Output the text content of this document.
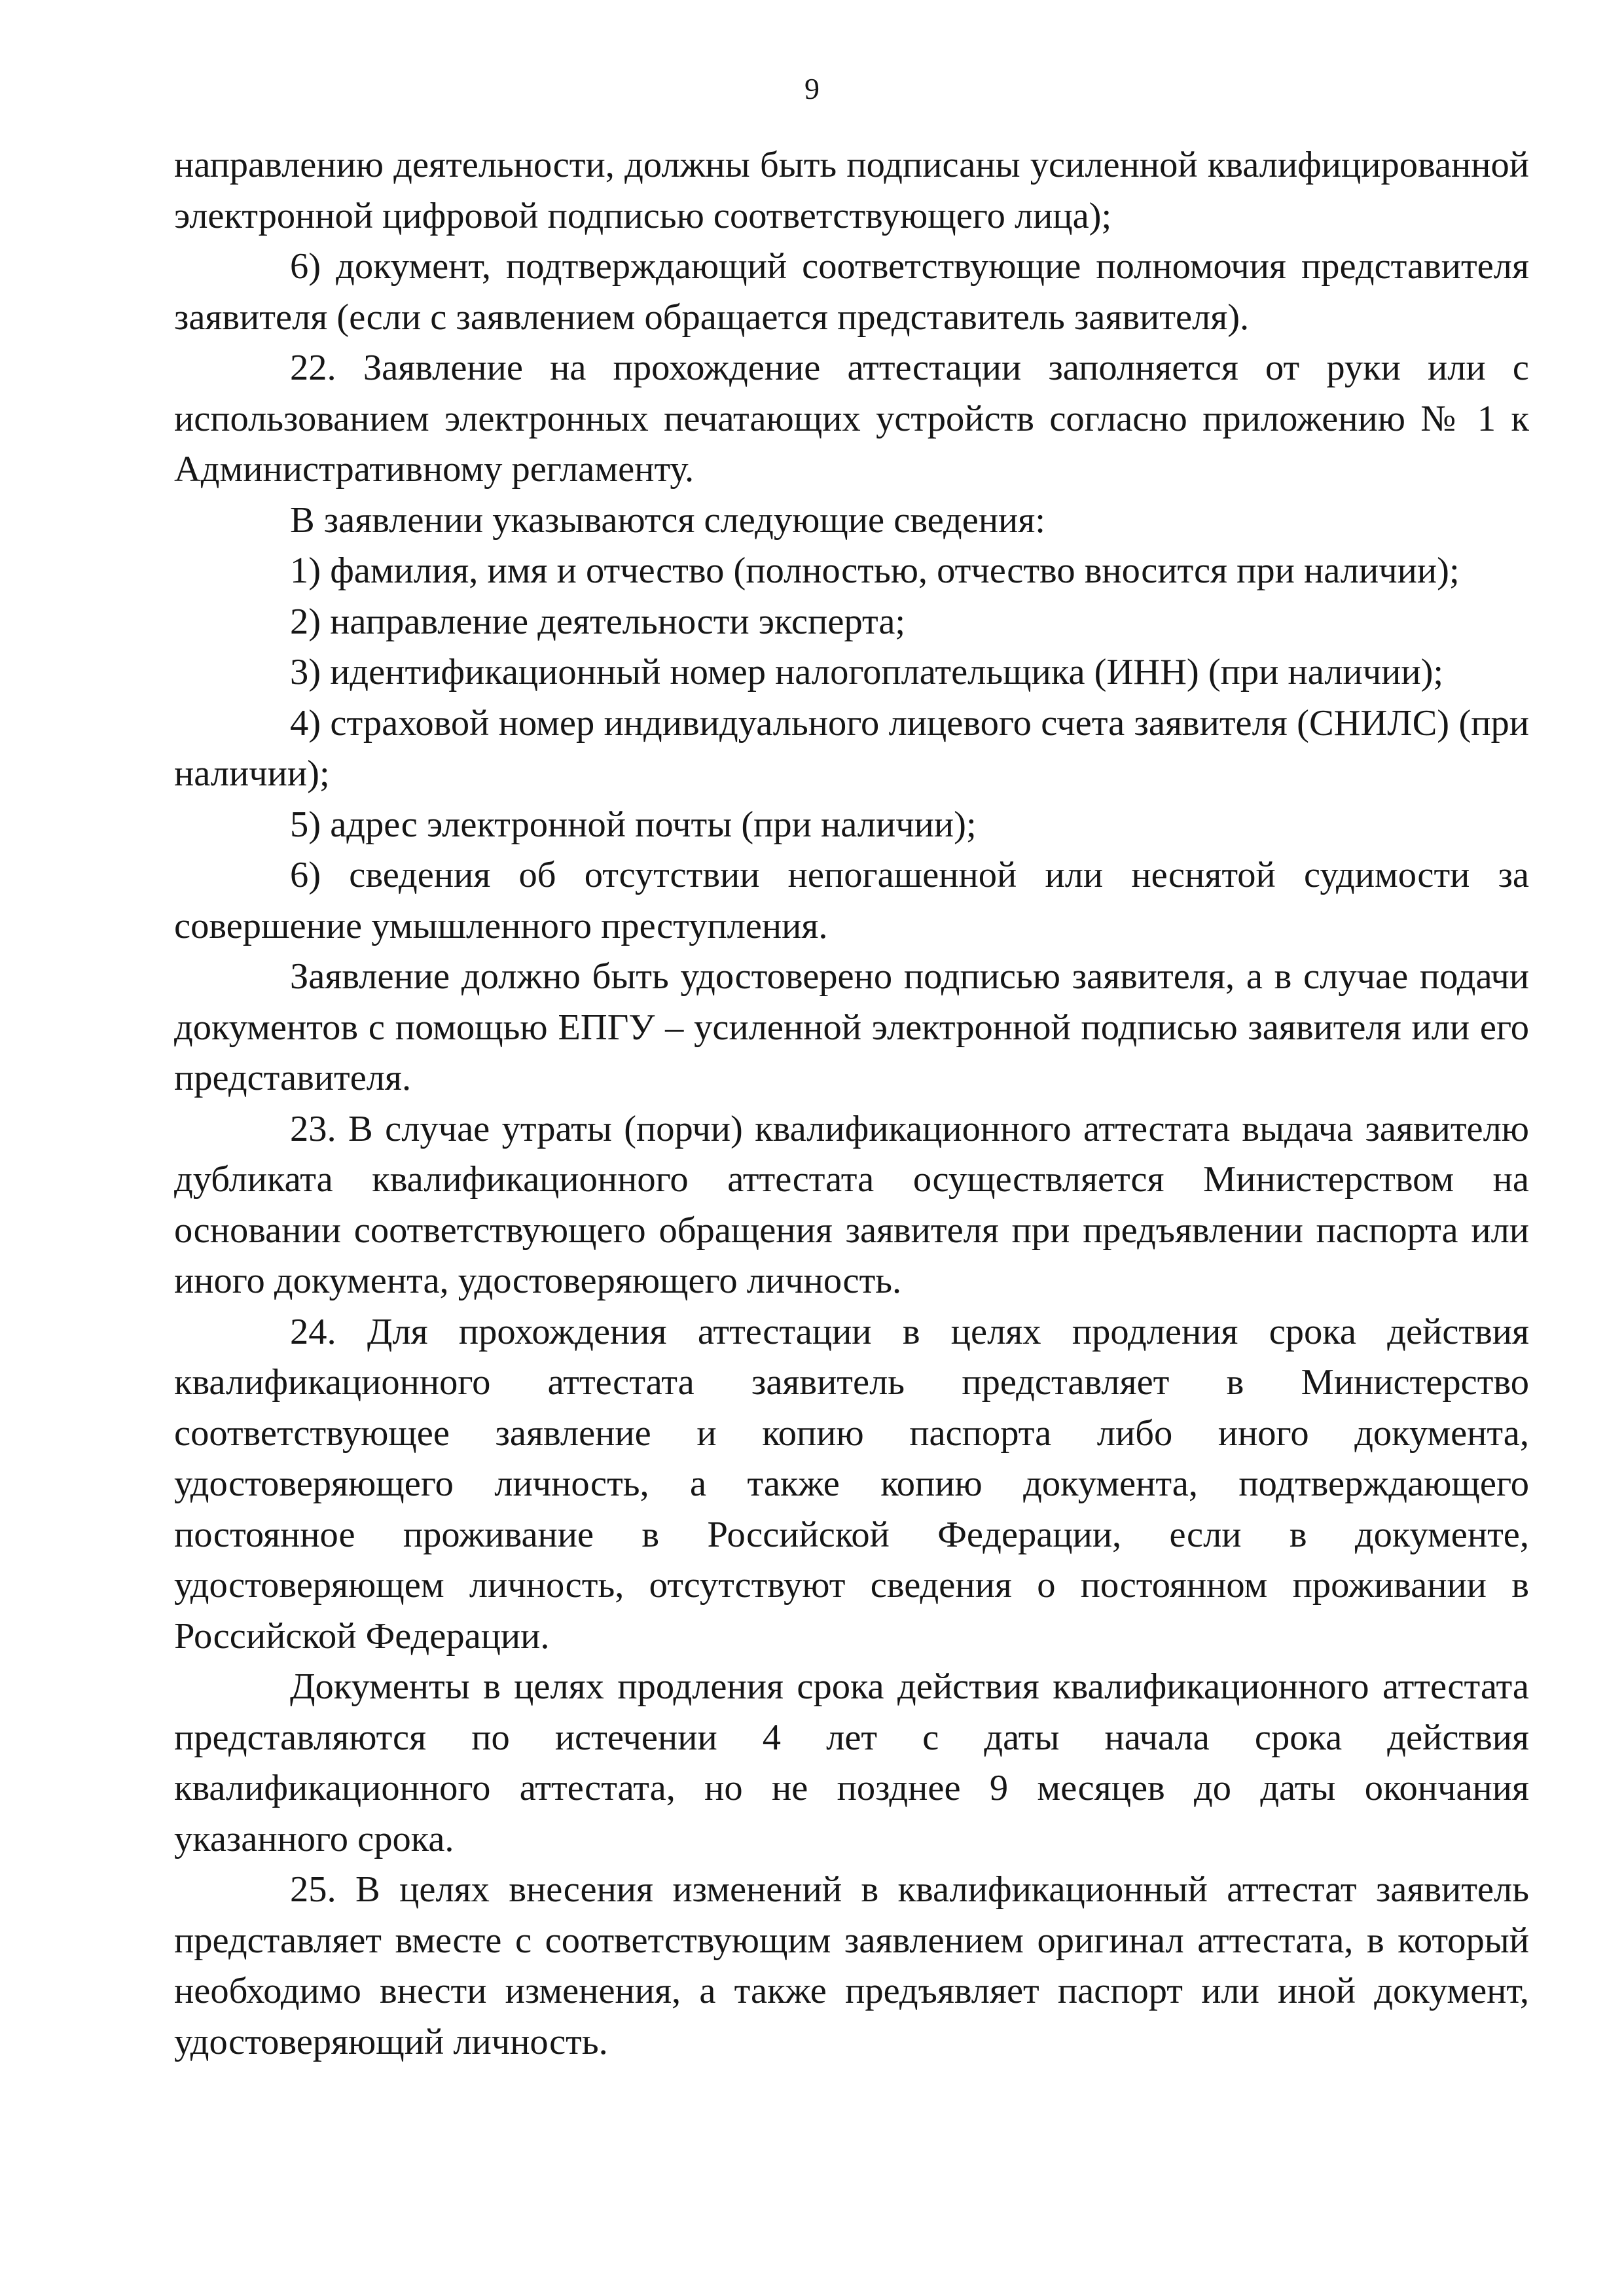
9

направлению деятельности, должны быть подписаны усиленной квалифицированной электронной цифровой подписью соответствующего лица);

6) документ, подтверждающий соответствующие полномочия представителя заявителя (если с заявлением обращается представитель заявителя).

22. Заявление на прохождение аттестации заполняется от руки или с использованием электронных печатающих устройств согласно приложению № 1 к Административному регламенту.

В заявлении указываются следующие сведения:

1) фамилия, имя и отчество (полностью, отчество вносится при наличии);

2) направление деятельности эксперта;

3) идентификационный номер налогоплательщика (ИНН) (при наличии);

4) страховой номер индивидуального лицевого счета заявителя (СНИЛС) (при наличии);

5) адрес электронной почты (при наличии);

6) сведения об отсутствии непогашенной или неснятой судимости за совершение умышленного преступления.

Заявление должно быть удостоверено подписью заявителя, а в случае подачи документов с помощью ЕПГУ – усиленной электронной подписью заявителя или его представителя.

23. В случае утраты (порчи) квалификационного аттестата выдача заявителю дубликата квалификационного аттестата осуществляется Министерством на основании соответствующего обращения заявителя при предъявлении паспорта или иного документа, удостоверяющего личность.

24. Для прохождения аттестации в целях продления срока действия квалификационного аттестата заявитель представляет в Министерство соответствующее заявление и копию паспорта либо иного документа, удостоверяющего личность, а также копию документа, подтверждающего постоянное проживание в Российской Федерации, если в документе, удостоверяющем личность, отсутствуют сведения о постоянном проживании в Российской Федерации.

Документы в целях продления срока действия квалификационного аттестата представляются по истечении 4 лет с даты начала срока действия квалификационного аттестата, но не позднее 9 месяцев до даты окончания указанного срока.

25. В целях внесения изменений в квалификационный аттестат заявитель представляет вместе с соответствующим заявлением оригинал аттестата, в который необходимо внести изменения, а также предъявляет паспорт или иной документ, удостоверяющий личность.
